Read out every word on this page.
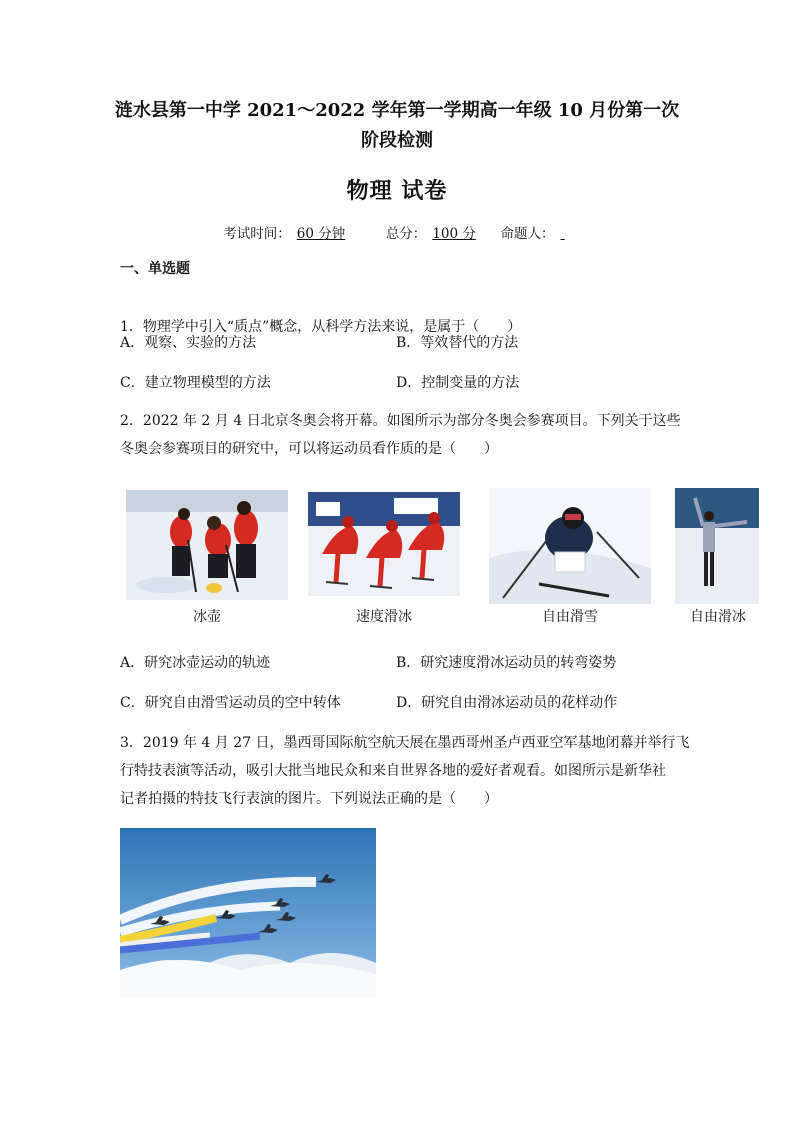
涟水县第一中学 2021～2022 学年第一学期高一年级 10 月份第一次阶段检测
物理 试卷
考试时间： 60 分钟	总分： 100 分 命题人：
一、单选题
1．物理学中引入“质点”概念，从科学方法来说，是属于（　　）
A．观察、实验的方法	B．等效替代的方法
C．建立物理模型的方法	D．控制变量的方法
2．2022 年 2 月 4 日北京冬奥会将开幕。如图所示为部分冬奥会参赛项目。下列关于这些
冬奥会参赛项目的研究中，可以将运动员看作质的是（　　）
冰壶	速度滑冰	自由滑雪	自由滑冰
A．研究冰壶运动的轨迹	B．研究速度滑冰运动员的转弯姿势
C．研究自由滑雪运动员的空中转体	D．研究自由滑冰运动员的花样动作
3．2019 年 4 月 27 日，墨西哥国际航空航天展在墨西哥州圣卢西亚空军基地闭幕并举行飞
行特技表演等活动，吸引大批当地民众和来自世界各地的爱好者观看。如图所示是新华社
记者拍摄的特技飞行表演的图片。下列说法正确的是（　　）
